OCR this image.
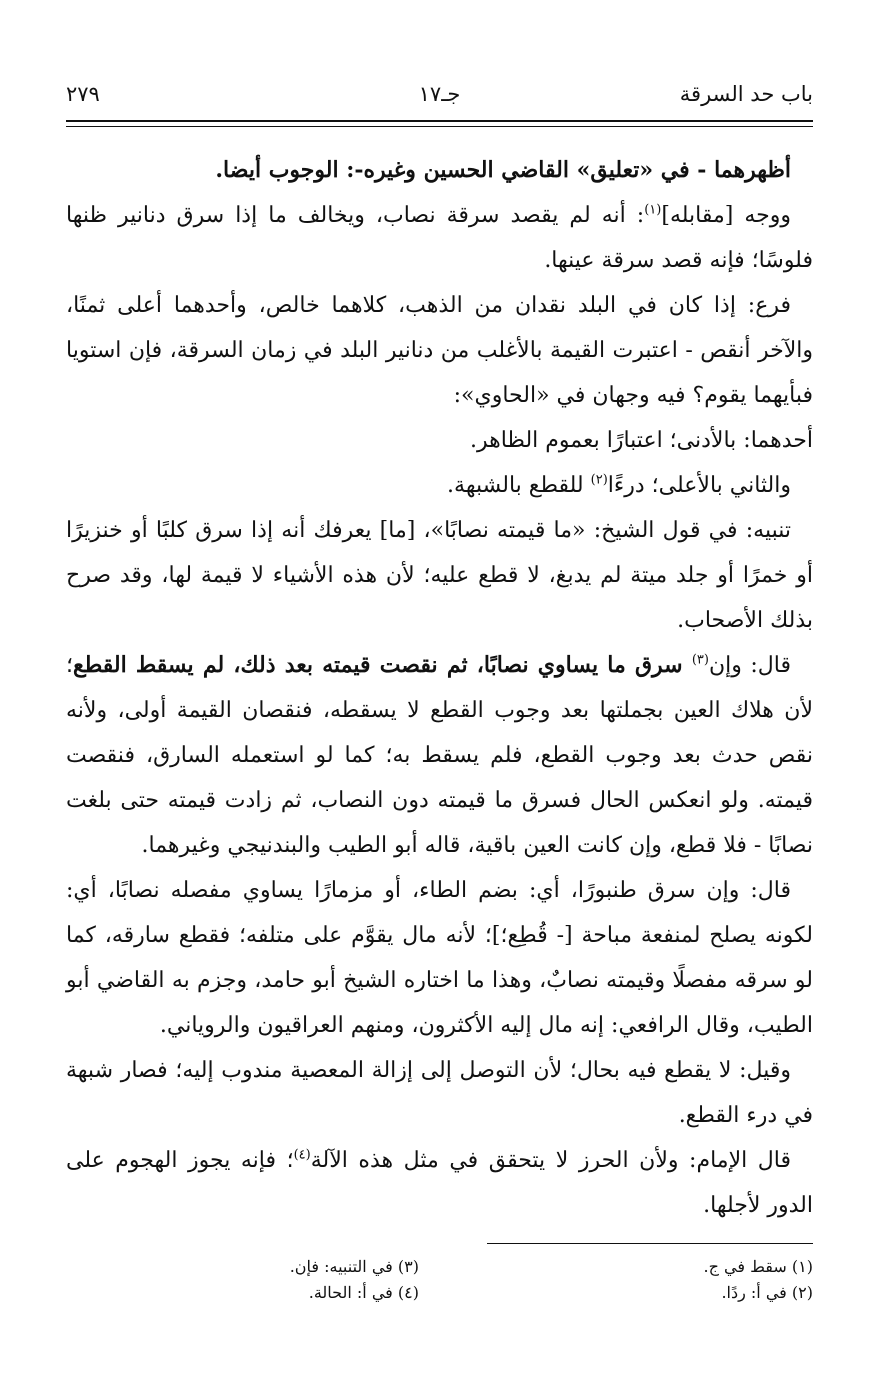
باب حد السرقة
جـ١٧
٢٧٩

أظهرهما - في «تعليق» القاضي الحسين وغيره-: الوجوب أيضا.

ووجه [مقابله]$^{(١)}$: أنه لم يقصد سرقة نصاب، ويخالف ما إذا سرق دنانير ظنها فلوسًا؛ فإنه قصد سرقة عينها.

فرع: إذا كان في البلد نقدان من الذهب، كلاهما خالص، وأحدهما أعلى ثمنًا، والآخر أنقص - اعتبرت القيمة بالأغلب من دنانير البلد في زمان السرقة، فإن استويا فبأيهما يقوم؟ فيه وجهان في «الحاوي»:

أحدهما: بالأدنى؛ اعتبارًا بعموم الظاهر.

والثاني بالأعلى؛ درءًا$^{(٢)}$ للقطع بالشبهة.

تنبيه: في قول الشيخ: «ما قيمته نصابًا»، [ما] يعرفك أنه إذا سرق كلبًا أو خنزيرًا أو خمرًا أو جلد ميتة لم يدبغ، لا قطع عليه؛ لأن هذه الأشياء لا قيمة لها، وقد صرح بذلك الأصحاب.

قال: وإن$^{(٣)}$ سرق ما يساوي نصابًا، ثم نقصت قيمته بعد ذلك، لم يسقط القطع؛ لأن هلاك العين بجملتها بعد وجوب القطع لا يسقطه، فنقصان القيمة أولى، ولأنه نقص حدث بعد وجوب القطع، فلم يسقط به؛ كما لو استعمله السارق، فنقصت قيمته. ولو انعكس الحال فسرق ما قيمته دون النصاب، ثم زادت قيمته حتى بلغت نصابًا - فلا قطع، وإن كانت العين باقية، قاله أبو الطيب والبندنيجي وغيرهما.

قال: وإن سرق طنبورًا، أي: بضم الطاء، أو مزمارًا يساوي مفصله نصابًا، أي: لكونه يصلح لمنفعة مباحة [- قُطِع؛]؛ لأنه مال يقوَّم على متلفه؛ فقطع سارقه، كما لو سرقه مفصلًا وقيمته نصابٌ، وهذا ما اختاره الشيخ أبو حامد، وجزم به القاضي أبو الطيب، وقال الرافعي: إنه مال إليه الأكثرون، ومنهم العراقيون والروياني.

وقيل: لا يقطع فيه بحال؛ لأن التوصل إلى إزالة المعصية مندوب إليه؛ فصار شبهة في درء القطع.

قال الإمام: ولأن الحرز لا يتحقق في مثل هذه الآلة$^{(٤)}$؛ فإنه يجوز الهجوم على الدور لأجلها.

(١) سقط في ج.
(٢) في أ: ردًا.
(٣) في التنبيه: فإن.
(٤) في أ: الحالة.
